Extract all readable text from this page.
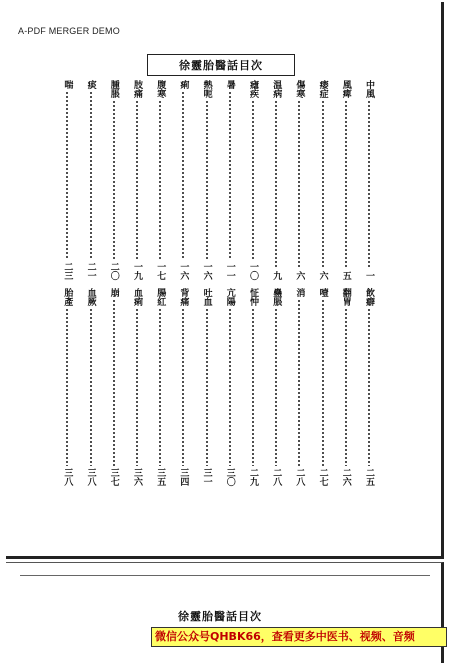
A-PDF MERGER DEMO
徐靈胎醫話目次
中風
一
風痺
五
痿症
六
傷寒
六
温病
九
瘧疾
一〇
暑
一一
熱呃
一六
痢
一六
腹寒
一七
肢痛
一九
腫脹
二〇
痰
二一
喘
二三
飲癖
二五
翻胃
二六
噎
二七
消
二八
蠱脹
二八
怔忡
二九
亢陽
三〇
吐血
三一
背痛
三四
腸紅
三五
血痢
三六
崩
三七
血厥
三八
胎產
三八
徐靈胎醫話目次
微信公众号QHBK66，查看更多中医书、视频、音频
